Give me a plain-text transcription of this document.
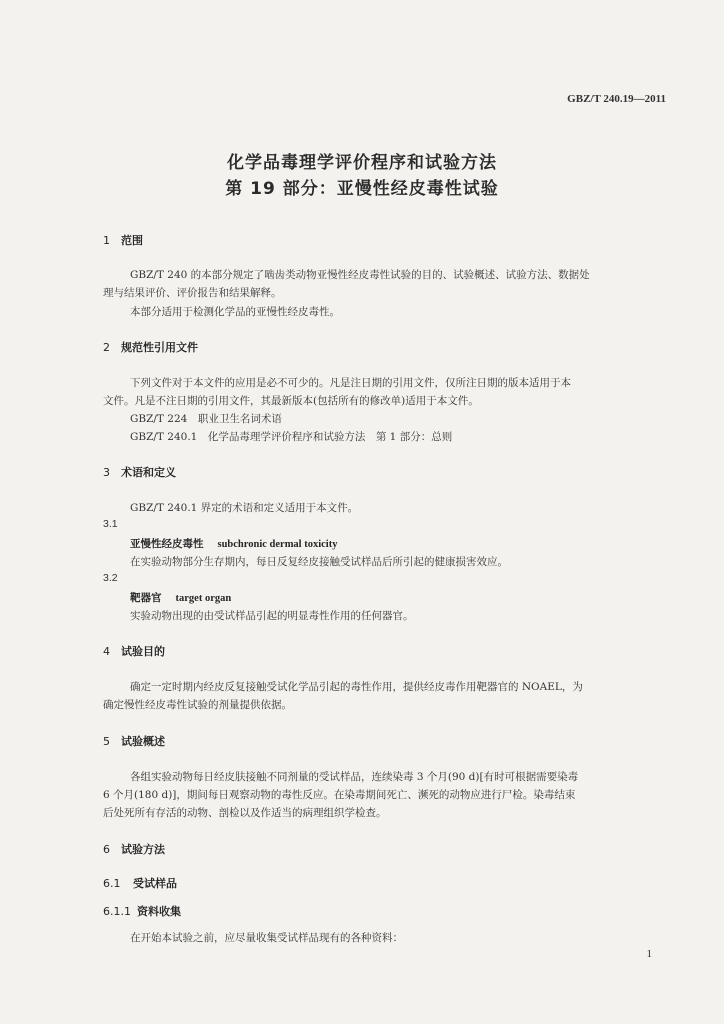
GBZ/T 240.19—2011
化学品毒理学评价程序和试验方法
第 19 部分：亚慢性经皮毒性试验
1 范围
GBZ/T 240 的本部分规定了啮齿类动物亚慢性经皮毒性试验的目的、试验概述、试验方法、数据处
理与结果评价、评价报告和结果解释。
本部分适用于检测化学品的亚慢性经皮毒性。
2 规范性引用文件
下列文件对于本文件的应用是必不可少的。凡是注日期的引用文件，仅所注日期的版本适用于本
文件。凡是不注日期的引用文件，其最新版本(包括所有的修改单)适用于本文件。
GBZ/T 224　职业卫生名词术语
GBZ/T 240.1　化学品毒理学评价程序和试验方法　第 1 部分：总则
3 术语和定义
GBZ/T 240.1 界定的术语和定义适用于本文件。
3.1
亚慢性经皮毒性 subchronic dermal toxicity
在实验动物部分生存期内，每日反复经皮接触受试样品后所引起的健康损害效应。
3.2
靶器官 target organ
实验动物出现的由受试样品引起的明显毒性作用的任何器官。
4 试验目的
确定一定时期内经皮反复接触受试化学品引起的毒性作用，提供经皮毒作用靶器官的 NOAEL，为
确定慢性经皮毒性试验的剂量提供依据。
5 试验概述
各组实验动物每日经皮肤接触不同剂量的受试样品，连续染毒 3 个月(90 d)[有时可根据需要染毒
6 个月(180 d)]，期间每日观察动物的毒性反应。在染毒期间死亡、濒死的动物应进行尸检。染毒结束
后处死所有存活的动物、剖检以及作适当的病理组织学检查。
6 试验方法
6.1 受试样品
6.1.1 资料收集
在开始本试验之前，应尽量收集受试样品现有的各种资料：
1
